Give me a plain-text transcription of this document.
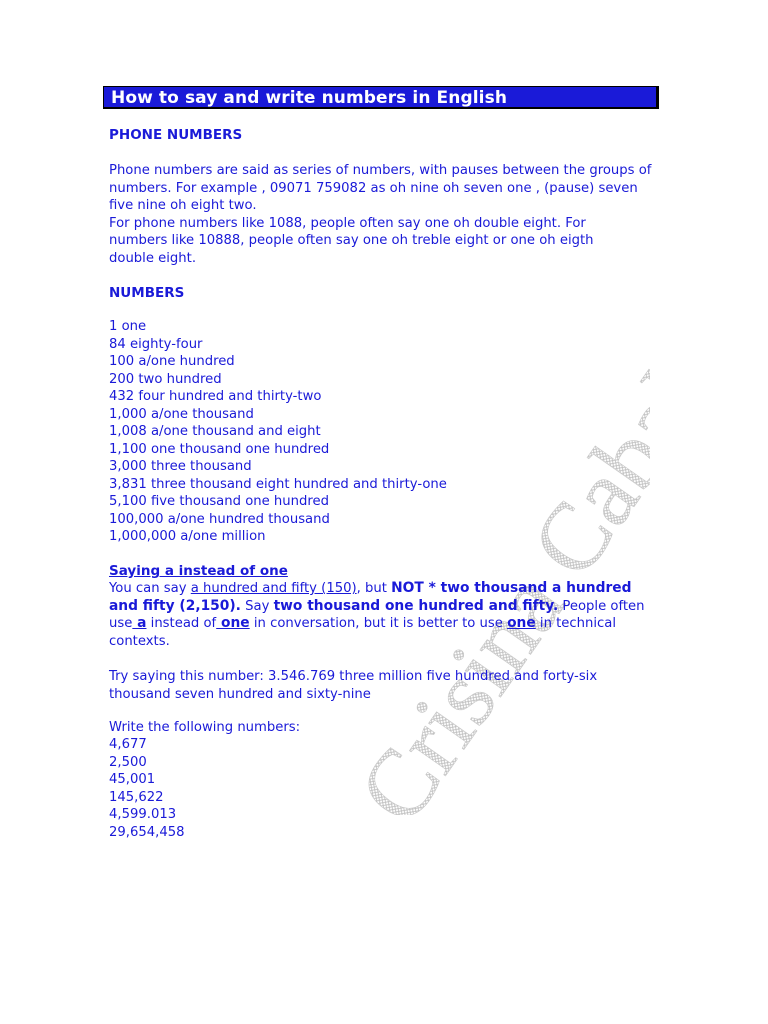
Crisina Cabal
How to say and write numbers in English
PHONE NUMBERS
Phone numbers are said as series of numbers, with pauses between the groups of
numbers. For example , 09071 759082 as oh nine oh seven one , (pause) seven
five nine oh eight two.
For phone numbers like 1088, people often say one oh double eight. For
numbers like 10888, people often say one oh treble eight or one oh eigth
double eight.
NUMBERS
1 one
84 eighty-four
100 a/one hundred
200 two hundred
432 four hundred and thirty-two
1,000 a/one thousand
1,008 a/one thousand and eight
1,100 one thousand one hundred
3,000 three thousand
3,831 three thousand eight hundred and thirty-one
5,100 five thousand one hundred
100,000 a/one hundred thousand
1,000,000 a/one million
Saying a instead of one
You can say a hundred and fifty (150), but NOT * two thousand a hundred
and fifty (2,150). Say two thousand one hundred and fifty. People often
use a instead of one in conversation, but it is better to use one in technical
contexts.
Try saying this number: 3.546.769 three million five hundred and forty-six
thousand seven hundred and sixty-nine
Write the following numbers:
4,677
2,500
45,001
145,622
4,599.013
29,654,458
